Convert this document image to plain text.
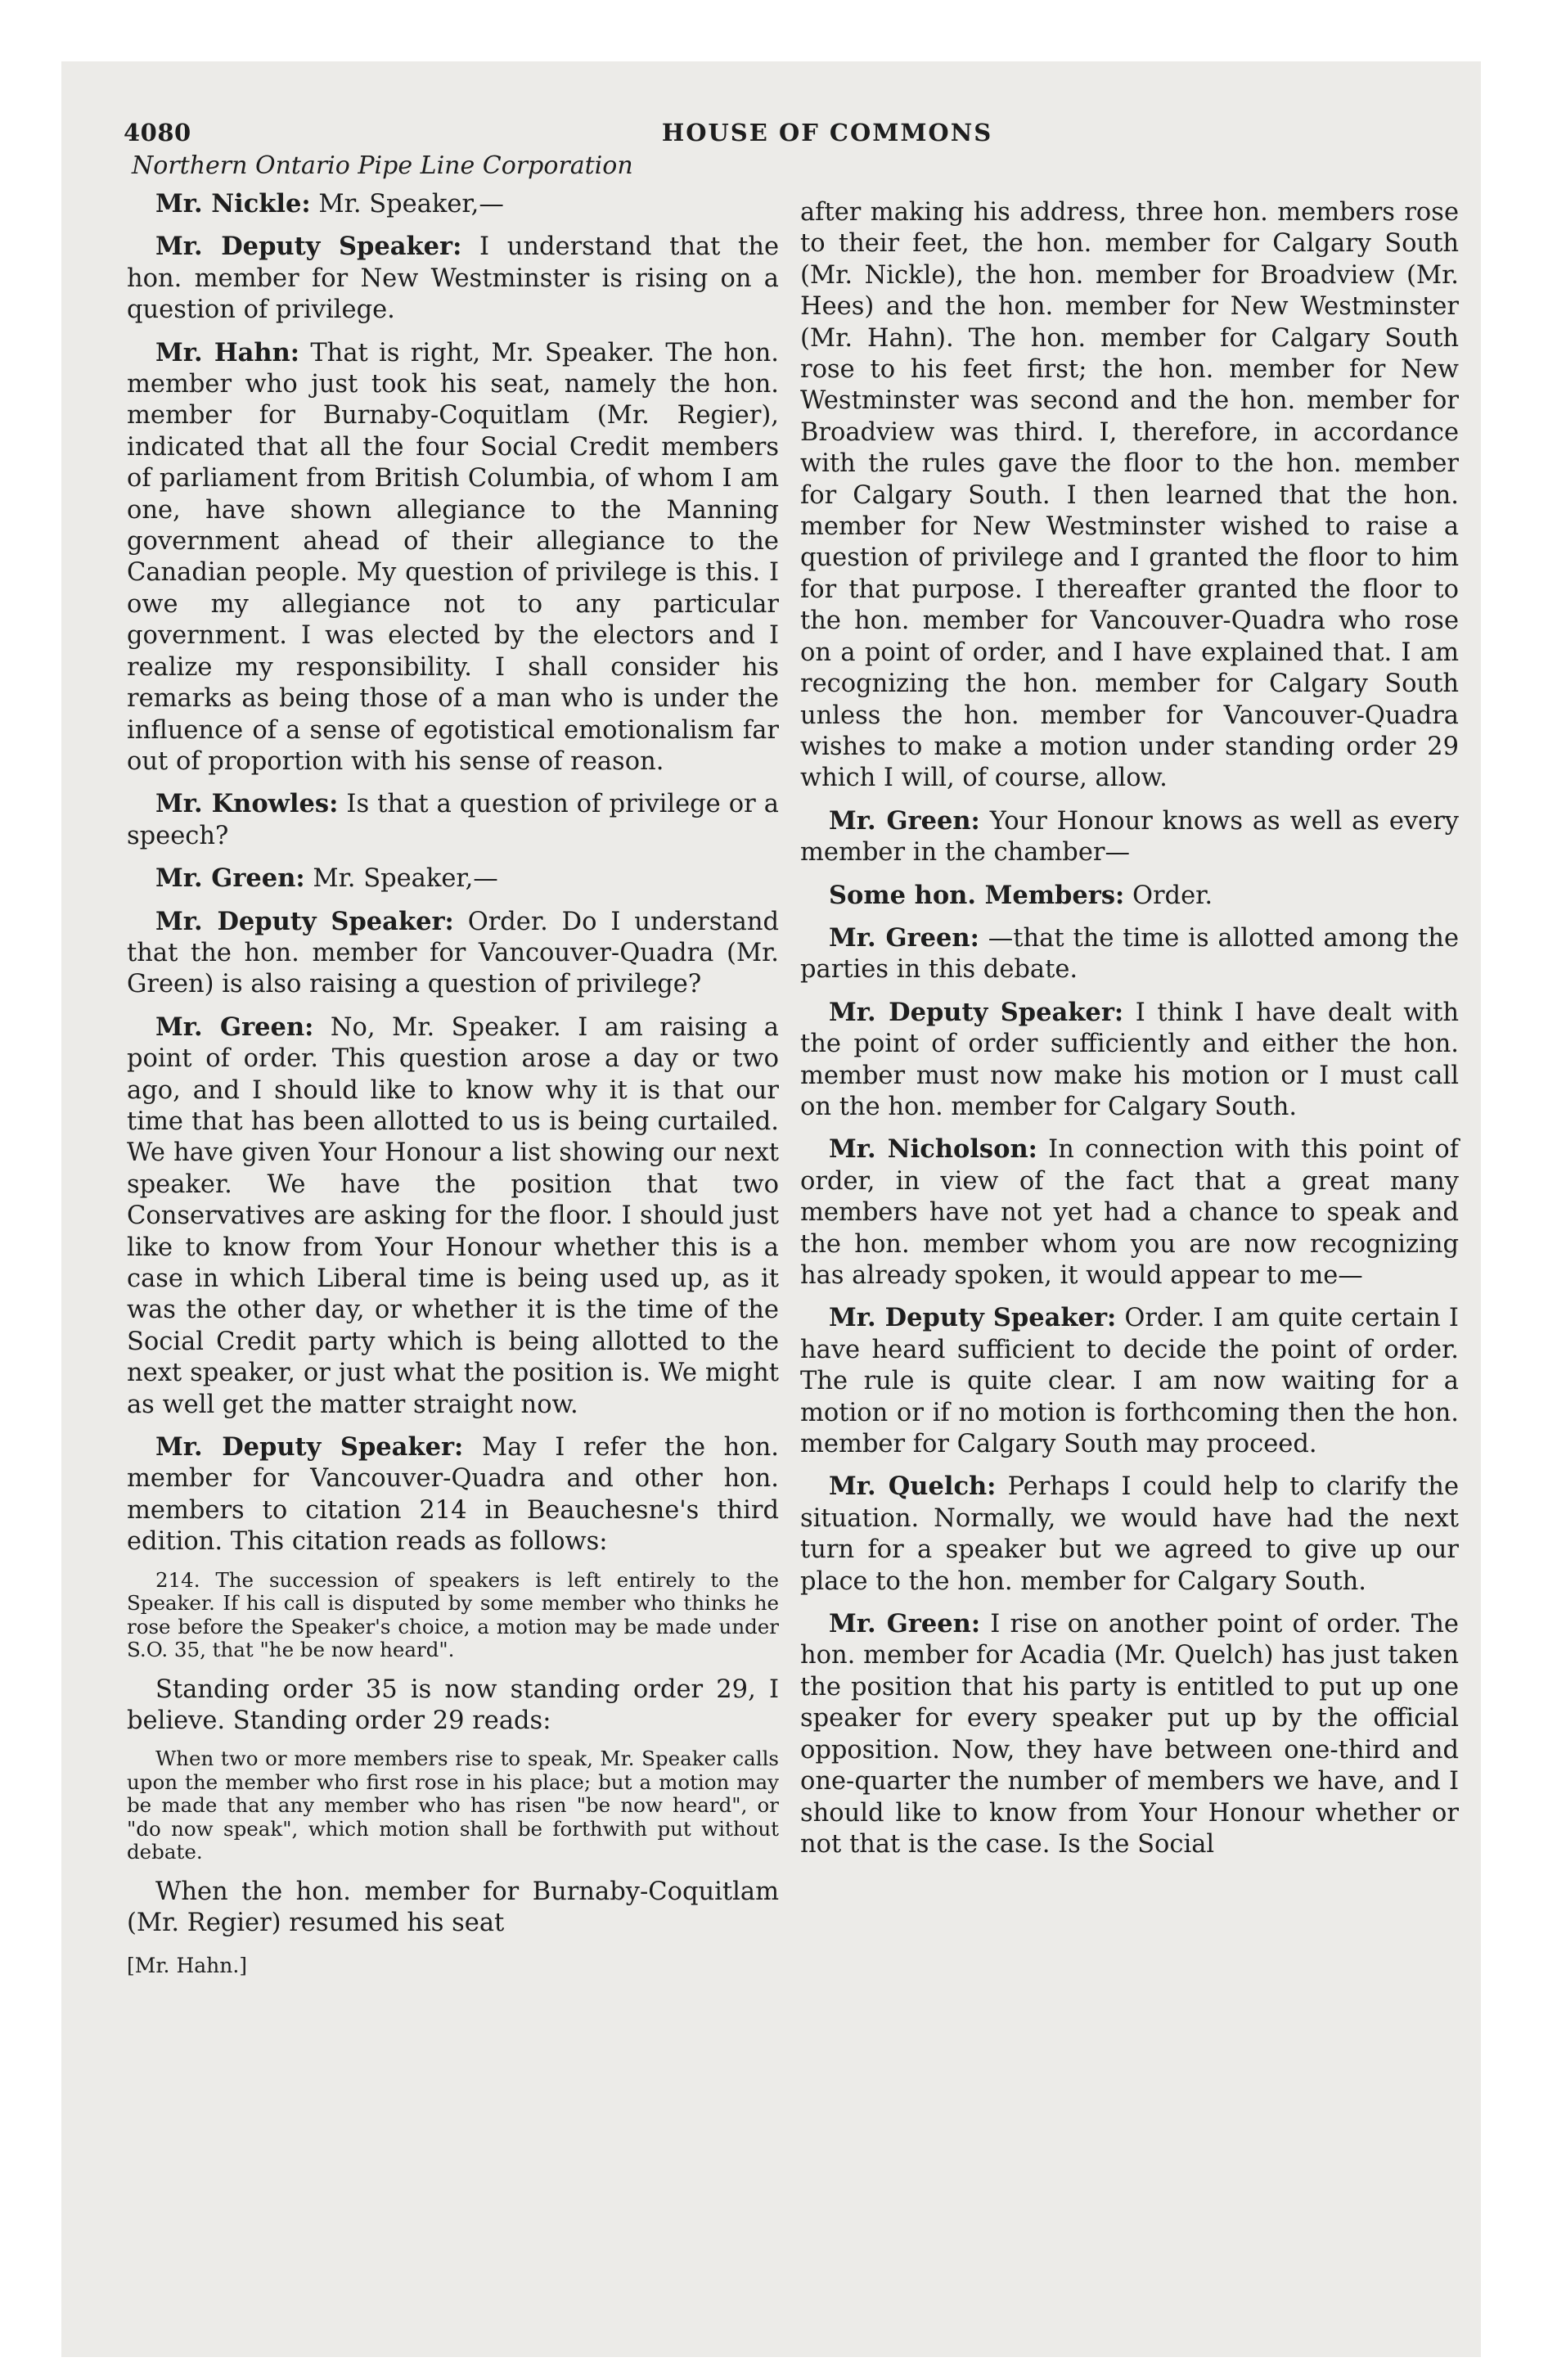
4080	HOUSE OF COMMONS
Northern Ontario Pipe Line Corporation
Mr. Nickle: Mr. Speaker,—
Mr. Deputy Speaker: I understand that the hon. member for New Westminster is rising on a question of privilege.
Mr. Hahn: That is right, Mr. Speaker. The hon. member who just took his seat, namely the hon. member for Burnaby-Coquitlam (Mr. Regier), indicated that all the four Social Credit members of parliament from British Columbia, of whom I am one, have shown allegiance to the Manning government ahead of their allegiance to the Canadian people. My question of privilege is this. I owe my allegiance not to any particular government. I was elected by the electors and I realize my responsibility. I shall consider his remarks as being those of a man who is under the influence of a sense of egotistical emotionalism far out of proportion with his sense of reason.
Mr. Knowles: Is that a question of privilege or a speech?
Mr. Green: Mr. Speaker,—
Mr. Deputy Speaker: Order. Do I understand that the hon. member for Vancouver-Quadra (Mr. Green) is also raising a question of privilege?
Mr. Green: No, Mr. Speaker. I am raising a point of order. This question arose a day or two ago, and I should like to know why it is that our time that has been allotted to us is being curtailed. We have given Your Honour a list showing our next speaker. We have the position that two Conservatives are asking for the floor. I should just like to know from Your Honour whether this is a case in which Liberal time is being used up, as it was the other day, or whether it is the time of the Social Credit party which is being allotted to the next speaker, or just what the position is. We might as well get the matter straight now.
Mr. Deputy Speaker: May I refer the hon. member for Vancouver-Quadra and other hon. members to citation 214 in Beauchesne's third edition. This citation reads as follows:
214. The succession of speakers is left entirely to the Speaker. If his call is disputed by some member who thinks he rose before the Speaker's choice, a motion may be made under S.O. 35, that "he be now heard".
Standing order 35 is now standing order 29, I believe. Standing order 29 reads:
When two or more members rise to speak, Mr. Speaker calls upon the member who first rose in his place; but a motion may be made that any member who has risen "be now heard", or "do now speak", which motion shall be forthwith put without debate.
When the hon. member for Burnaby-Coquitlam (Mr. Regier) resumed his seat
[Mr. Hahn.]
after making his address, three hon. members rose to their feet, the hon. member for Calgary South (Mr. Nickle), the hon. member for Broadview (Mr. Hees) and the hon. member for New Westminster (Mr. Hahn). The hon. member for Calgary South rose to his feet first; the hon. member for New Westminster was second and the hon. member for Broadview was third. I, therefore, in accordance with the rules gave the floor to the hon. member for Calgary South. I then learned that the hon. member for New Westminster wished to raise a question of privilege and I granted the floor to him for that purpose. I thereafter granted the floor to the hon. member for Vancouver-Quadra who rose on a point of order, and I have explained that. I am recognizing the hon. member for Calgary South unless the hon. member for Vancouver-Quadra wishes to make a motion under standing order 29 which I will, of course, allow.
Mr. Green: Your Honour knows as well as every member in the chamber—
Some hon. Members: Order.
Mr. Green: —that the time is allotted among the parties in this debate.
Mr. Deputy Speaker: I think I have dealt with the point of order sufficiently and either the hon. member must now make his motion or I must call on the hon. member for Calgary South.
Mr. Nicholson: In connection with this point of order, in view of the fact that a great many members have not yet had a chance to speak and the hon. member whom you are now recognizing has already spoken, it would appear to me—
Mr. Deputy Speaker: Order. I am quite certain I have heard sufficient to decide the point of order. The rule is quite clear. I am now waiting for a motion or if no motion is forthcoming then the hon. member for Calgary South may proceed.
Mr. Quelch: Perhaps I could help to clarify the situation. Normally, we would have had the next turn for a speaker but we agreed to give up our place to the hon. member for Calgary South.
Mr. Green: I rise on another point of order. The hon. member for Acadia (Mr. Quelch) has just taken the position that his party is entitled to put up one speaker for every speaker put up by the official opposition. Now, they have between one-third and one-quarter the number of members we have, and I should like to know from Your Honour whether or not that is the case. Is the Social
